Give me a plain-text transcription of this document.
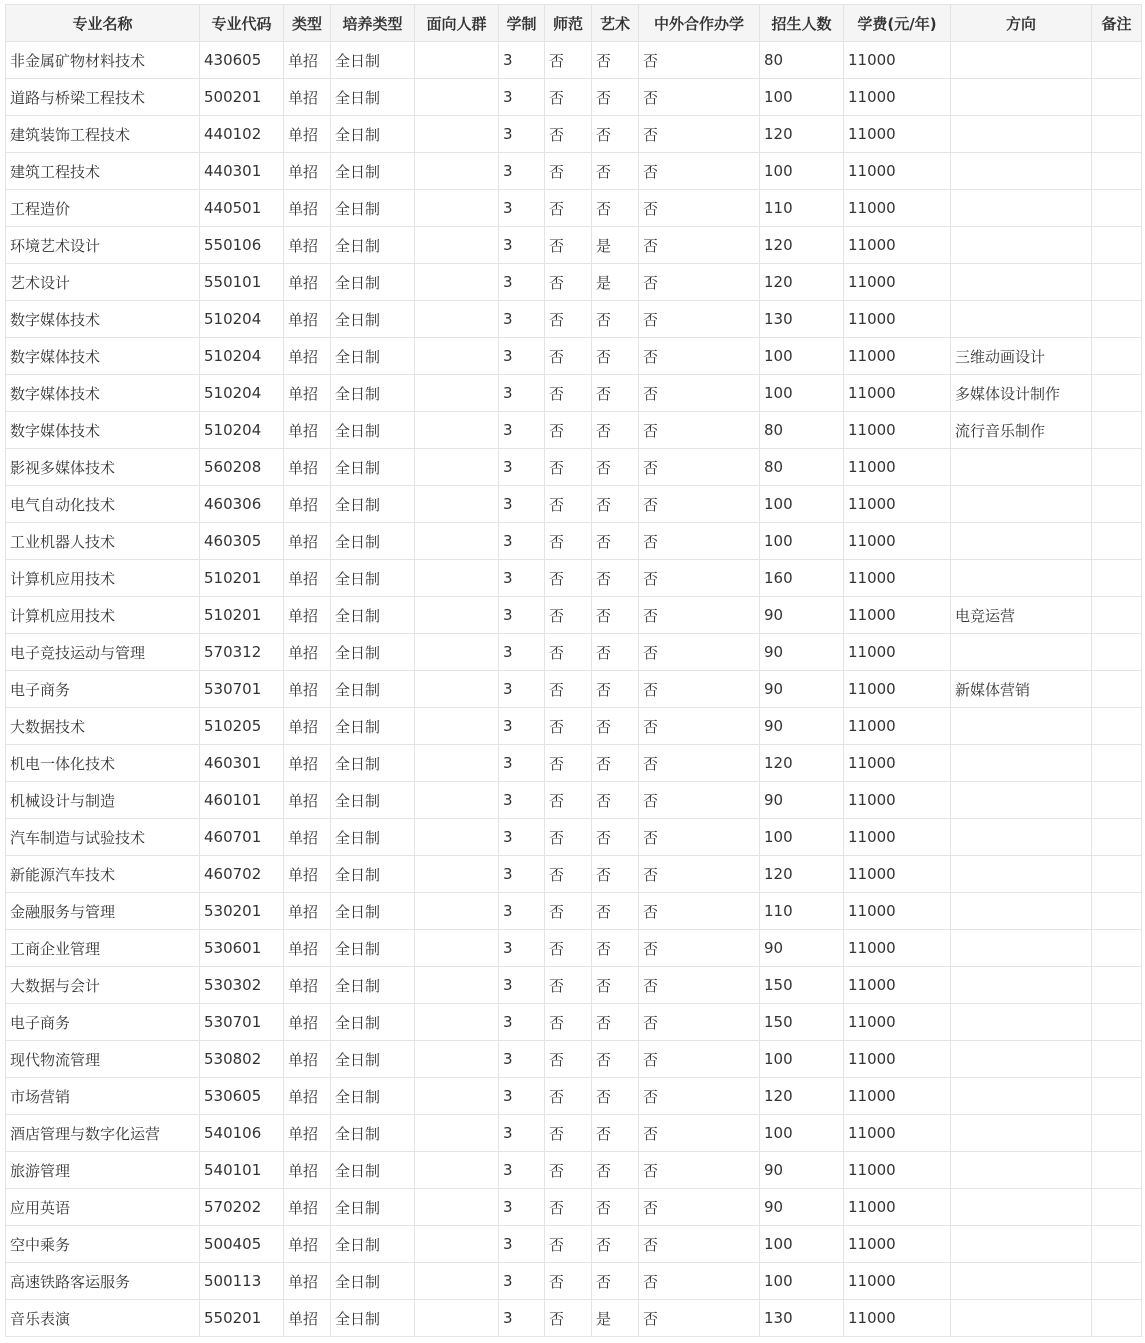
专业名称	专业代码	类型	培养类型	面向人群	学制	师范	艺术	中外合作办学	招生人数	学费(元/年)	方向	备注
非金属矿物材料技术	430605	单招	全日制		3	否	否	否	80	11000		
道路与桥梁工程技术	500201	单招	全日制		3	否	否	否	100	11000		
建筑装饰工程技术	440102	单招	全日制		3	否	否	否	120	11000		
建筑工程技术	440301	单招	全日制		3	否	否	否	100	11000		
工程造价	440501	单招	全日制		3	否	否	否	110	11000		
环境艺术设计	550106	单招	全日制		3	否	是	否	120	11000		
艺术设计	550101	单招	全日制		3	否	是	否	120	11000		
数字媒体技术	510204	单招	全日制		3	否	否	否	130	11000		
数字媒体技术	510204	单招	全日制		3	否	否	否	100	11000	三维动画设计	
数字媒体技术	510204	单招	全日制		3	否	否	否	100	11000	多媒体设计制作	
数字媒体技术	510204	单招	全日制		3	否	否	否	80	11000	流行音乐制作	
影视多媒体技术	560208	单招	全日制		3	否	否	否	80	11000		
电气自动化技术	460306	单招	全日制		3	否	否	否	100	11000		
工业机器人技术	460305	单招	全日制		3	否	否	否	100	11000		
计算机应用技术	510201	单招	全日制		3	否	否	否	160	11000		
计算机应用技术	510201	单招	全日制		3	否	否	否	90	11000	电竞运营	
电子竞技运动与管理	570312	单招	全日制		3	否	否	否	90	11000		
电子商务	530701	单招	全日制		3	否	否	否	90	11000	新媒体营销	
大数据技术	510205	单招	全日制		3	否	否	否	90	11000		
机电一体化技术	460301	单招	全日制		3	否	否	否	120	11000		
机械设计与制造	460101	单招	全日制		3	否	否	否	90	11000		
汽车制造与试验技术	460701	单招	全日制		3	否	否	否	100	11000		
新能源汽车技术	460702	单招	全日制		3	否	否	否	120	11000		
金融服务与管理	530201	单招	全日制		3	否	否	否	110	11000		
工商企业管理	530601	单招	全日制		3	否	否	否	90	11000		
大数据与会计	530302	单招	全日制		3	否	否	否	150	11000		
电子商务	530701	单招	全日制		3	否	否	否	150	11000		
现代物流管理	530802	单招	全日制		3	否	否	否	100	11000		
市场营销	530605	单招	全日制		3	否	否	否	120	11000		
酒店管理与数字化运营	540106	单招	全日制		3	否	否	否	100	11000		
旅游管理	540101	单招	全日制		3	否	否	否	90	11000		
应用英语	570202	单招	全日制		3	否	否	否	90	11000		
空中乘务	500405	单招	全日制		3	否	否	否	100	11000		
高速铁路客运服务	500113	单招	全日制		3	否	否	否	100	11000		
音乐表演	550201	单招	全日制		3	否	是	否	130	11000		
